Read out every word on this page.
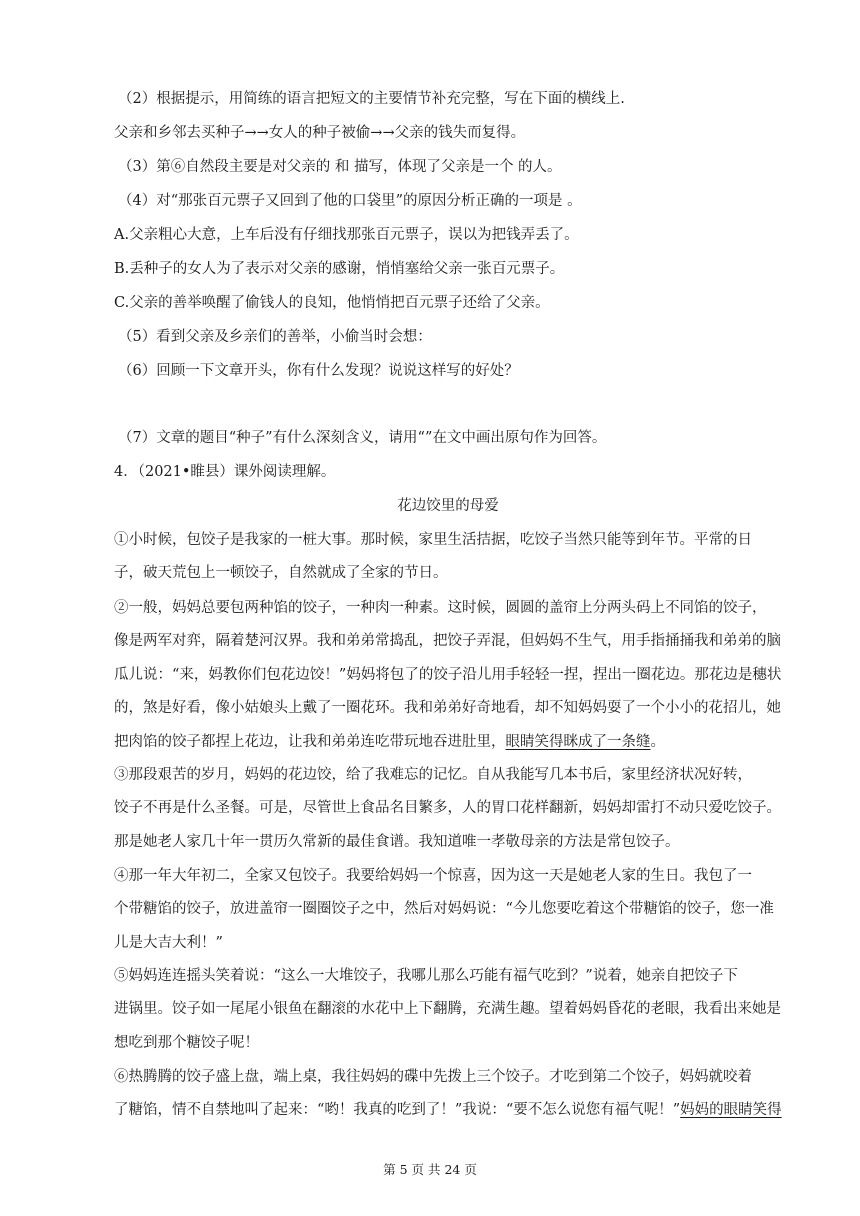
（2）根据提示，用简练的语言把短文的主要情节补充完整，写在下面的横线上.
父亲和乡邻去买种子→→女人的种子被偷→→父亲的钱失而复得。
（3）第⑥自然段主要是对父亲的 和 描写，体现了父亲是一个 的人。
（4）对“那张百元票子又回到了他的口袋里”的原因分析正确的一项是 。
A.父亲粗心大意，上车后没有仔细找那张百元票子，误以为把钱弄丢了。
B.丢种子的女人为了表示对父亲的感谢，悄悄塞给父亲一张百元票子。
C.父亲的善举唤醒了偷钱人的良知，他悄悄把百元票子还给了父亲。
（5）看到父亲及乡亲们的善举，小偷当时会想：
（6）回顾一下文章开头，你有什么发现？说说这样写的好处？
（7）文章的题目“种子”有什么深刻含义，请用“”在文中画出原句作为回答。
4．（2021•睢县）课外阅读理解。
花边饺里的母爱
①小时候，包饺子是我家的一桩大事。那时候，家里生活拮据，吃饺子当然只能等到年节。平常的日
子，破天荒包上一顿饺子，自然就成了全家的节日。
②一般，妈妈总要包两种馅的饺子，一种肉一种素。这时候，圆圆的盖帘上分两头码上不同馅的饺子，
像是两军对弈，隔着楚河汉界。我和弟弟常捣乱，把饺子弄混，但妈妈不生气，用手指捅捅我和弟弟的脑
瓜儿说：“来，妈教你们包花边饺！”妈妈将包了的饺子沿儿用手轻轻一捏，捏出一圈花边。那花边是穗状
的，煞是好看，像小姑娘头上戴了一圈花环。我和弟弟好奇地看，却不知妈妈耍了一个小小的花招儿，她
把肉馅的饺子都捏上花边，让我和弟弟连吃带玩地吞进肚里，眼睛笑得眯成了一条缝。
③那段艰苦的岁月，妈妈的花边饺，给了我难忘的记忆。自从我能写几本书后，家里经济状况好转，
饺子不再是什么圣餐。可是，尽管世上食品名目繁多，人的胃口花样翻新，妈妈却雷打不动只爱吃饺子。
那是她老人家几十年一贯历久常新的最佳食谱。我知道唯一孝敬母亲的方法是常包饺子。
④那一年大年初二，全家又包饺子。我要给妈妈一个惊喜，因为这一天是她老人家的生日。我包了一
个带糖馅的饺子，放进盖帘一圈圈饺子之中，然后对妈妈说：“今儿您要吃着这个带糖馅的饺子，您一准
儿是大吉大利！”
⑤妈妈连连摇头笑着说：“这么一大堆饺子，我哪儿那么巧能有福气吃到？”说着，她亲自把饺子下
进锅里。饺子如一尾尾小银鱼在翻滚的水花中上下翻腾，充满生趣。望着妈妈昏花的老眼，我看出来她是
想吃到那个糖饺子呢！
⑥热腾腾的饺子盛上盘，端上桌，我往妈妈的碟中先拨上三个饺子。才吃到第二个饺子，妈妈就咬着
了糖馅，情不自禁地叫了起来：“哟！我真的吃到了！”我说：“要不怎么说您有福气呢！”妈妈的眼睛笑得
第 5 页 共 24 页
